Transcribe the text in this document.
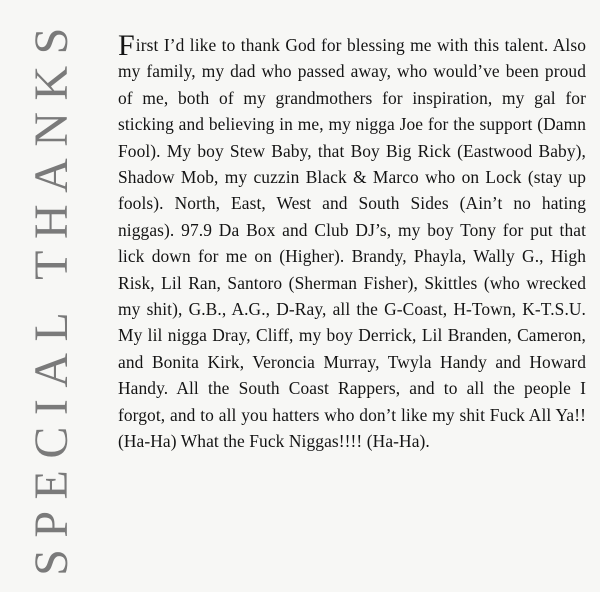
SPECIAL THANKS First I’d like to thank God for blessing me with this talent. Also my family, my dad who passed away, who would’ve been proud of me, both of my grandmothers for inspiration, my gal for sticking and believing in me, my nigga Joe for the support (Damn Fool). My boy Stew Baby, that Boy Big Rick (Eastwood Baby), Shadow Mob, my cuzzin Black & Marco who on Lock (stay up fools). North, East, West and South Sides (Ain’t no hating niggas). 97.9 Da Box and Club DJ’s, my boy Tony for put that lick down for me on (Higher). Brandy, Phayla, Wally G., High Risk, Lil Ran, Santoro (Sherman Fisher), Skittles (who wrecked my shit), G.B., A.G., D-Ray, all the G-Coast, H-Town, K-T.S.U. My lil nigga Dray, Cliff, my boy Derrick, Lil Branden, Cameron, and Bonita Kirk, Veroncia Murray, Twyla Handy and Howard Handy. All the South Coast Rappers, and to all the people I forgot, and to all you hatters who don’t like my shit Fuck All Ya!! (Ha-Ha) What the Fuck Niggas!!!! (Ha-Ha).
